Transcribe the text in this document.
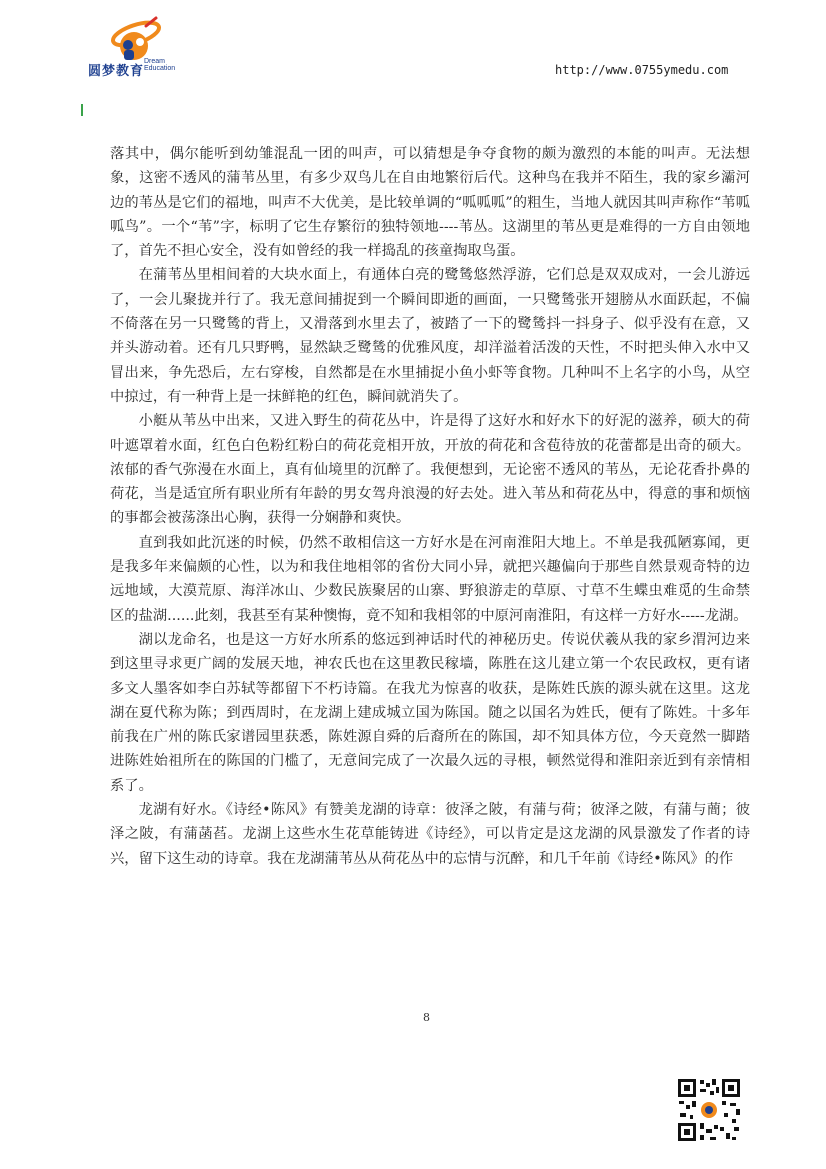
圆梦教育
Dream
Education	http://www.0755ymedu.com

落其中，偶尔能听到幼雏混乱一团的叫声，可以猜想是争夺食物的颇为激烈的本能的叫声。无法想象，这密不透风的蒲苇丛里，有多少双鸟儿在自由地繁衍后代。这种鸟在我并不陌生，我的家乡灞河边的苇丛是它们的福地，叫声不大优美，是比较单调的“呱呱呱”的粗生，当地人就因其叫声称作“苇呱呱鸟”。一个“苇”字，标明了它生存繁衍的独特领地----苇丛。这湖里的苇丛更是难得的一方自由领地了，首先不担心安全，没有如曾经的我一样捣乱的孩童掏取鸟蛋。

在蒲苇丛里相间着的大块水面上，有通体白亮的鹭鸶悠然浮游，它们总是双双成对，一会儿游远了，一会儿聚拢并行了。我无意间捕捉到一个瞬间即逝的画面，一只鹭鸶张开翅膀从水面跃起，不偏不倚落在另一只鹭鸶的背上，又滑落到水里去了，被踏了一下的鹭鸶抖一抖身子、似乎没有在意，又并头游动着。还有几只野鸭，显然缺乏鹭鸶的优雅风度，却洋溢着活泼的天性，不时把头伸入水中又冒出来，争先恐后，左右穿梭，自然都是在水里捕捉小鱼小虾等食物。几种叫不上名字的小鸟，从空中掠过，有一种背上是一抹鲜艳的红色，瞬间就消失了。

小艇从苇丛中出来，又进入野生的荷花丛中，许是得了这好水和好水下的好泥的滋养，硕大的荷叶遮罩着水面，红色白色粉红粉白的荷花竞相开放，开放的荷花和含苞待放的花蕾都是出奇的硕大。浓郁的香气弥漫在水面上，真有仙境里的沉醉了。我便想到，无论密不透风的苇丛，无论花香扑鼻的荷花，当是适宜所有职业所有年龄的男女驾舟浪漫的好去处。进入苇丛和荷花丛中，得意的事和烦恼的事都会被荡涤出心胸，获得一分娴静和爽快。

直到我如此沉迷的时候，仍然不敢相信这一方好水是在河南淮阳大地上。不单是我孤陋寡闻，更是我多年来偏颇的心性，以为和我住地相邻的省份大同小异，就把兴趣偏向于那些自然景观奇特的边远地域，大漠荒原、海洋冰山、少数民族聚居的山寨、野狼游走的草原、寸草不生蝶虫难觅的生命禁区的盐湖......此刻，我甚至有某种懊悔，竟不知和我相邻的中原河南淮阳，有这样一方好水-----龙湖。

湖以龙命名，也是这一方好水所系的悠远到神话时代的神秘历史。传说伏羲从我的家乡渭河边来到这里寻求更广阔的发展天地，神农氏也在这里教民稼墙，陈胜在这儿建立第一个农民政权，更有诸多文人墨客如李白苏轼等都留下不朽诗篇。在我尤为惊喜的收获，是陈姓氏族的源头就在这里。这龙湖在夏代称为陈；到西周时，在龙湖上建成城立国为陈国。随之以国名为姓氏，便有了陈姓。十多年前我在广州的陈氏家谱园里获悉，陈姓源自舜的后裔所在的陈国，却不知具体方位，今天竟然一脚踏进陈姓始祖所在的陈国的门槛了，无意间完成了一次最久远的寻根，顿然觉得和淮阳亲近到有亲情相系了。

龙湖有好水。《诗经•陈风》有赞美龙湖的诗章：彼泽之陂，有蒲与荷；彼泽之陂，有蒲与蕳；彼泽之陂，有蒲菡萏。龙湖上这些水生花草能铸进《诗经》，可以肯定是这龙湖的风景激发了作者的诗兴，留下这生动的诗章。我在龙湖蒲苇丛从荷花丛中的忘情与沉醉，和几千年前《诗经•陈风》的作

8
